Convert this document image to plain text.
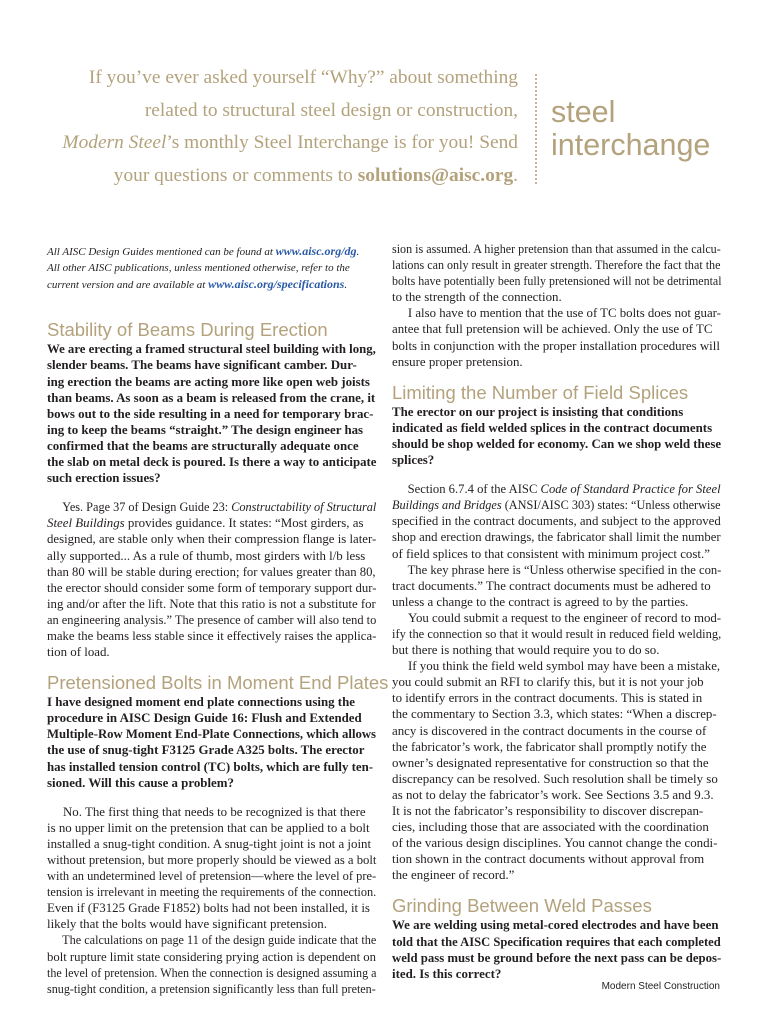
If you’ve ever asked yourself “Why?” about something
related to structural steel design or construction,
Modern Steel’s monthly Steel Interchange is for you! Send
your questions or comments to solutions@aisc.org.
steel
interchange

All AISC Design Guides mentioned can be found at www.aisc.org/dg.
All other AISC publications, unless mentioned otherwise, refer to the
current version and are available at www.aisc.org/specifications.

Stability of Beams During Erection
We are erecting a framed structural steel building with long,
slender beams. The beams have significant camber. Dur-
ing erection the beams are acting more like open web joists
than beams. As soon as a beam is released from the crane, it
bows out to the side resulting in a need for temporary brac-
ing to keep the beams “straight.” The design engineer has
confirmed that the beams are structurally adequate once
the slab on metal deck is poured. Is there a way to anticipate
such erection issues?
Yes. Page 37 of Design Guide 23: Constructability of Structural
Steel Buildings provides guidance. It states: “Most girders, as
designed, are stable only when their compression flange is later-
ally supported... As a rule of thumb, most girders with l/b less
than 80 will be stable during erection; for values greater than 80,
the erector should consider some form of temporary support dur-
ing and/or after the lift. Note that this ratio is not a substitute for
an engineering analysis.” The presence of camber will also tend to
make the beams less stable since it effectively raises the applica-
tion of load.
Pretensioned Bolts in Moment End Plates
I have designed moment end plate connections using the
procedure in AISC Design Guide 16: Flush and Extended
Multiple-Row Moment End-Plate Connections, which allows
the use of snug-tight F3125 Grade A325 bolts. The erector
has installed tension control (TC) bolts, which are fully ten-
sioned. Will this cause a problem?
No. The first thing that needs to be recognized is that there
is no upper limit on the pretension that can be applied to a bolt
installed a snug-tight condition. A snug-tight joint is not a joint
without pretension, but more properly should be viewed as a bolt
with an undetermined level of pretension—where the level of pre-
tension is irrelevant in meeting the requirements of the connection.
Even if (F3125 Grade F1852) bolts had not been installed, it is
likely that the bolts would have significant pretension.
The calculations on page 11 of the design guide indicate that the
bolt rupture limit state considering prying action is dependent on
the level of pretension. When the connection is designed assuming a
snug-tight condition, a pretension significantly less than full preten-
sion is assumed. A higher pretension than that assumed in the calcu-
lations can only result in greater strength. Therefore the fact that the
bolts have potentially been fully pretensioned will not be detrimental
to the strength of the connection.
I also have to mention that the use of TC bolts does not guar-
antee that full pretension will be achieved. Only the use of TC
bolts in conjunction with the proper installation procedures will
ensure proper pretension.
Limiting the Number of Field Splices
The erector on our project is insisting that conditions
indicated as field welded splices in the contract documents
should be shop welded for economy. Can we shop weld these
splices?
Section 6.7.4 of the AISC Code of Standard Practice for Steel
Buildings and Bridges (ANSI/AISC 303) states: “Unless otherwise
specified in the contract documents, and subject to the approved
shop and erection drawings, the fabricator shall limit the number
of field splices to that consistent with minimum project cost.”
The key phrase here is “Unless otherwise specified in the con-
tract documents.” The contract documents must be adhered to
unless a change to the contract is agreed to by the parties.
You could submit a request to the engineer of record to mod-
ify the connection so that it would result in reduced field welding,
but there is nothing that would require you to do so.
If you think the field weld symbol may have been a mistake,
you could submit an RFI to clarify this, but it is not your job
to identify errors in the contract documents. This is stated in
the commentary to Section 3.3, which states: “When a discrep-
ancy is discovered in the contract documents in the course of
the fabricator’s work, the fabricator shall promptly notify the
owner’s designated representative for construction so that the
discrepancy can be resolved. Such resolution shall be timely so
as not to delay the fabricator’s work. See Sections 3.5 and 9.3.
It is not the fabricator’s responsibility to discover discrepan-
cies, including those that are associated with the coordination
of the various design disciplines. You cannot change the condi-
tion shown in the contract documents without approval from
the engineer of record.”
Grinding Between Weld Passes
We are welding using metal-cored electrodes and have been
told that the AISC Specification requires that each completed
weld pass must be ground before the next pass can be depos-
ited. Is this correct?
Modern Steel Construction
